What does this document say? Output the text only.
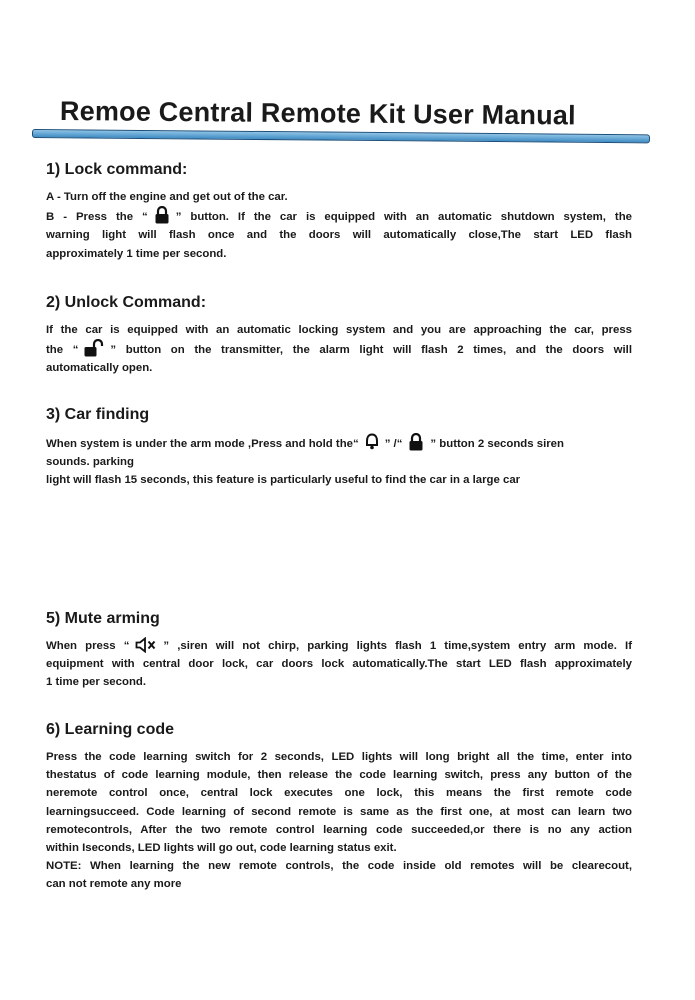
Remoe Central Remote Kit User Manual
1) Lock command:

A - Turn off the engine and get out of the car.
B - Press the “ ” button. If the car is equipped with an automatic shutdown system, the
warning light will flash once and the doors will automatically close,The start LED flash
approximately 1 time per second.

2) Unlock Command:

If the car is equipped with an automatic locking system and you are approaching the car, press
the “	” button on the transmitter, the alarm light will flash 2 times, and the doors will
automatically open.

3) Car finding

When system is under the arm mode ,Press and hold the“ ” /“ ” button 2 seconds siren
sounds. parking
light will flash 15 seconds, this feature is particularly useful to find the car in a large car

5) Mute arming

When press “	” ,siren will not chirp, parking lights flash 1 time,system entry arm mode. If
equipment with central door lock, car doors lock automatically.The start LED flash approximately
1 time per second.

6) Learning code

Press the code learning switch for 2 seconds, LED lights will long bright all the time, enter into
thestatus of code learning module, then release the code learning switch, press any button of the
neremote control once, central lock executes one lock, this means the first remote code
learningsucceed. Code learning of second remote is same as the first one, at most can learn two
remotecontrols, After the two remote control learning code succeeded,or there is no any action
within Iseconds, LED lights will go out, code learning status exit.
NOTE: When learning the new remote controls, the code inside old remotes will be clearecout,
can not remote any more
